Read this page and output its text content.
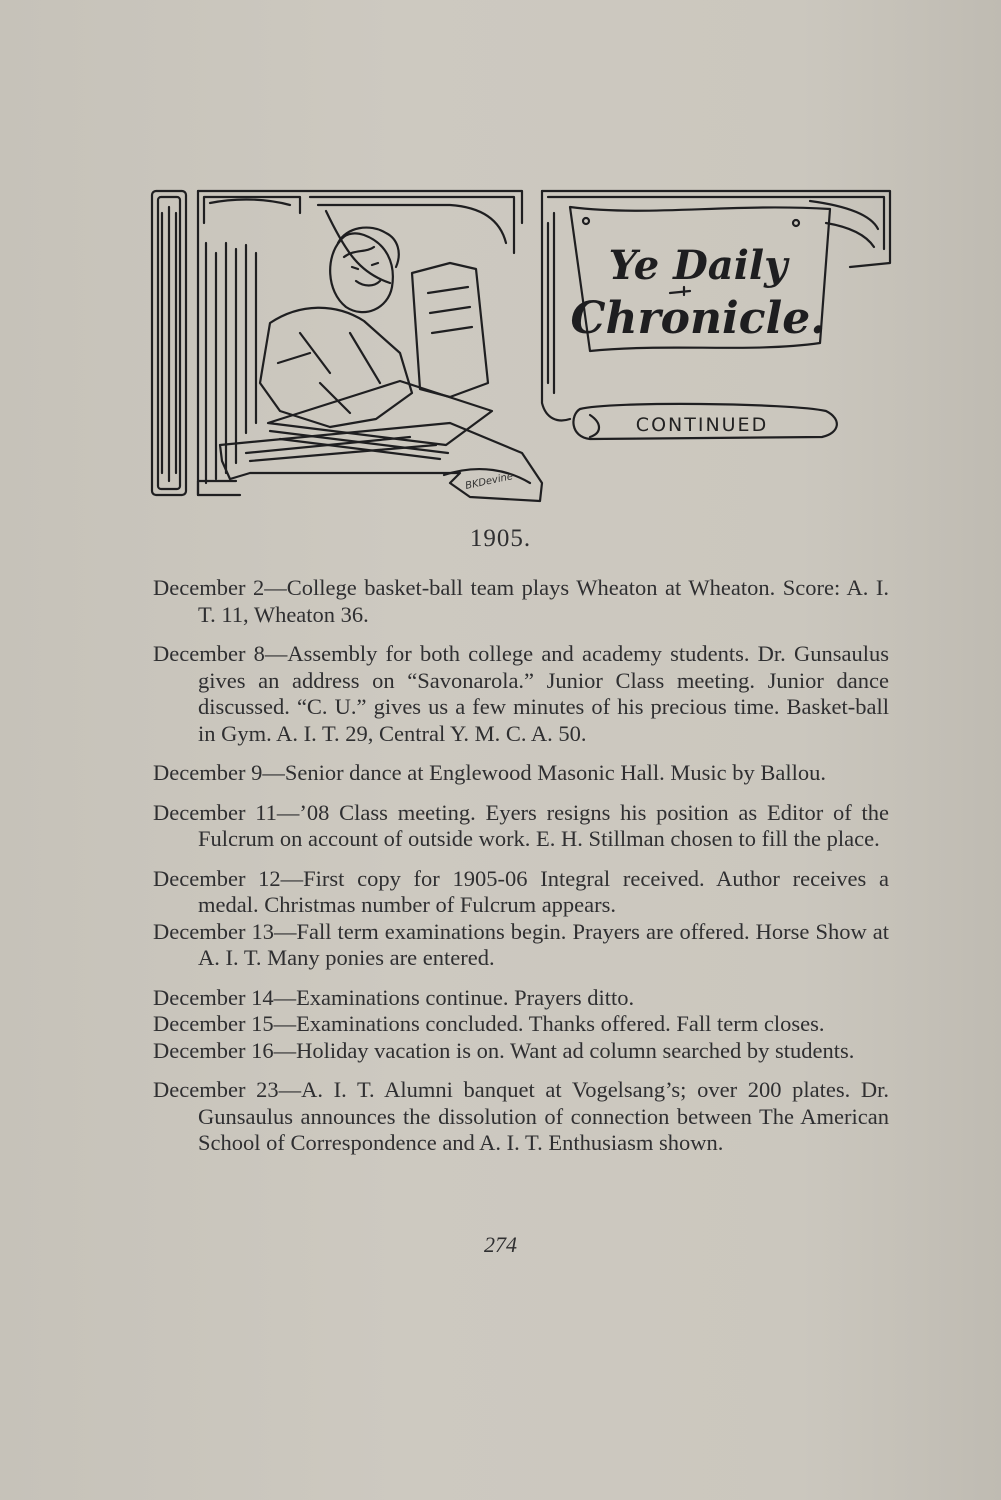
Ye Daily
Chronicle.
CONTINUED
BKDevine
1905.

December 2—College basket-ball team plays Wheaton at Wheaton. Score: A. I. T. 11, Wheaton 36.

December 8—Assembly for both college and academy students. Dr. Gunsaulus gives an address on “Savonarola.” Junior Class meeting. Junior dance discussed. “C. U.” gives us a few minutes of his precious time. Basket-ball in Gym. A. I. T. 29, Central Y. M. C. A. 50.

December 9—Senior dance at Englewood Masonic Hall. Music by Ballou.

December 11—’08 Class meeting. Eyers resigns his position as Editor of the Fulcrum on account of outside work. E. H. Stillman chosen to fill the place.

December 12—First copy for 1905-06 Integral received. Author receives a medal. Christmas number of Fulcrum appears.

December 13—Fall term examinations begin. Prayers are offered. Horse Show at A. I. T. Many ponies are entered.

December 14—Examinations continue. Prayers ditto.

December 15—Examinations concluded. Thanks offered. Fall term closes.

December 16—Holiday vacation is on. Want ad column searched by students.

December 23—A. I. T. Alumni banquet at Vogelsang’s; over 200 plates. Dr. Gunsaulus announces the dissolution of connection between The American School of Correspondence and A. I. T. Enthusiasm shown.

274
